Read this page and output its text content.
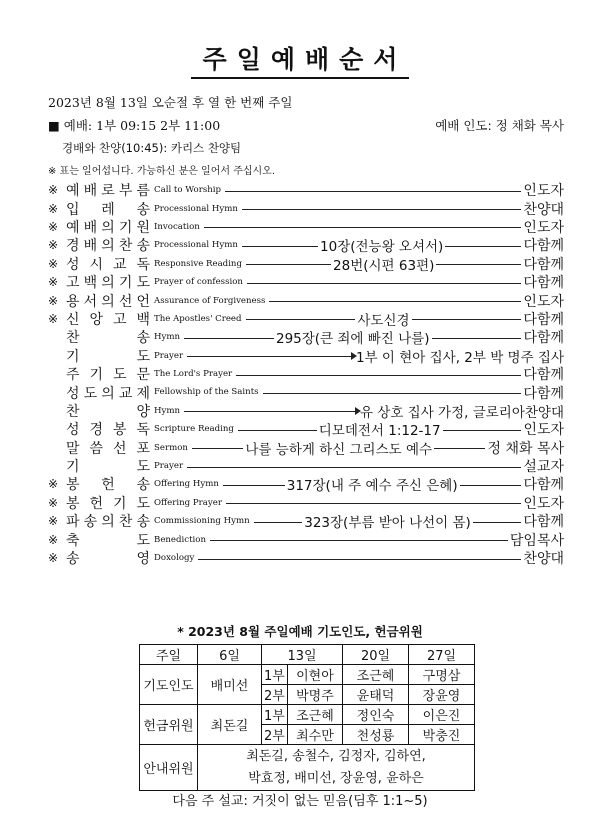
주일예배순서
2023년 8월 13일 오순절 후 열 한 번째 주일
■ 예배: 1부 09:15 2부 11:00	예배 인도: 정 채화 목사
경배와 찬양(10:45): 카리스 찬양팀
※ 표는 일어섭니다. 가능하신 분은 일어서 주십시오.
※ 예 배 로 부 름 Call to Worship	인도자
※ 입 레 송 Processional Hymn	찬양대
※ 예 배 의 기 원 Invocation	인도자
※ 경 배 의 찬 송 Processional Hymn	10장(전능왕 오셔서)	다함께
※ 성 시 교 독 Responsive Reading	28번(시편 63편)	다함께
※ 고 백 의 기 도 Prayer of confession	다함께
※ 용 서 의 선 언 Assurance of Forgiveness	인도자
※ 신 앙 고 백 The Apostles' Creed	사도신경	다함께
찬	송 Hymn	295장(큰 죄에 빠진 나를)	다함께
기	도 Prayer	1부 이 현아 집사, 2부 박 명주 집사
주 기 도 문 The Lord's Prayer	다함께
성 도 의 교 제 Fellowship of the Saints	다함께
찬	양 Hymn	유 상호 집사 가정, 글로리아찬양대
성 경 봉 독 Scripture Reading	디모데전서 1:12-17	인도자
말 씀 선 포 Sermon	나를 능하게 하신 그리스도 예수	정 채화 목사
기	도 Prayer	설교자
※ 봉 헌 송 Offering Hymn	317장(내 주 예수 주신 은혜)	다함께
※ 봉 헌 기 도 Offering Prayer	인도자
※ 파 송 의 찬 송 Commissioning Hymn	323장(부름 받아 나선이 몸)	다함께
※ 축	도 Benediction	담임목사
※ 송	영 Doxology	찬양대
* 2023년 8월 주일예배 기도인도, 헌금위원
주일	6일	13일		20일	27일
기도인도	배미선	1부	이현아	조근혜	구명삼
		2부	박명주	윤태덕	장윤영
헌금위원	최돈길	1부	조근혜	정인숙	이은진
		2부	최수만	천성룡	박충진
안내위원	최돈길, 송철수, 김정자, 김하연,
박효정, 배미선, 장윤영, 윤하은				
다음 주 설교: 거짓이 없는 믿음(딤후 1:1~5)
